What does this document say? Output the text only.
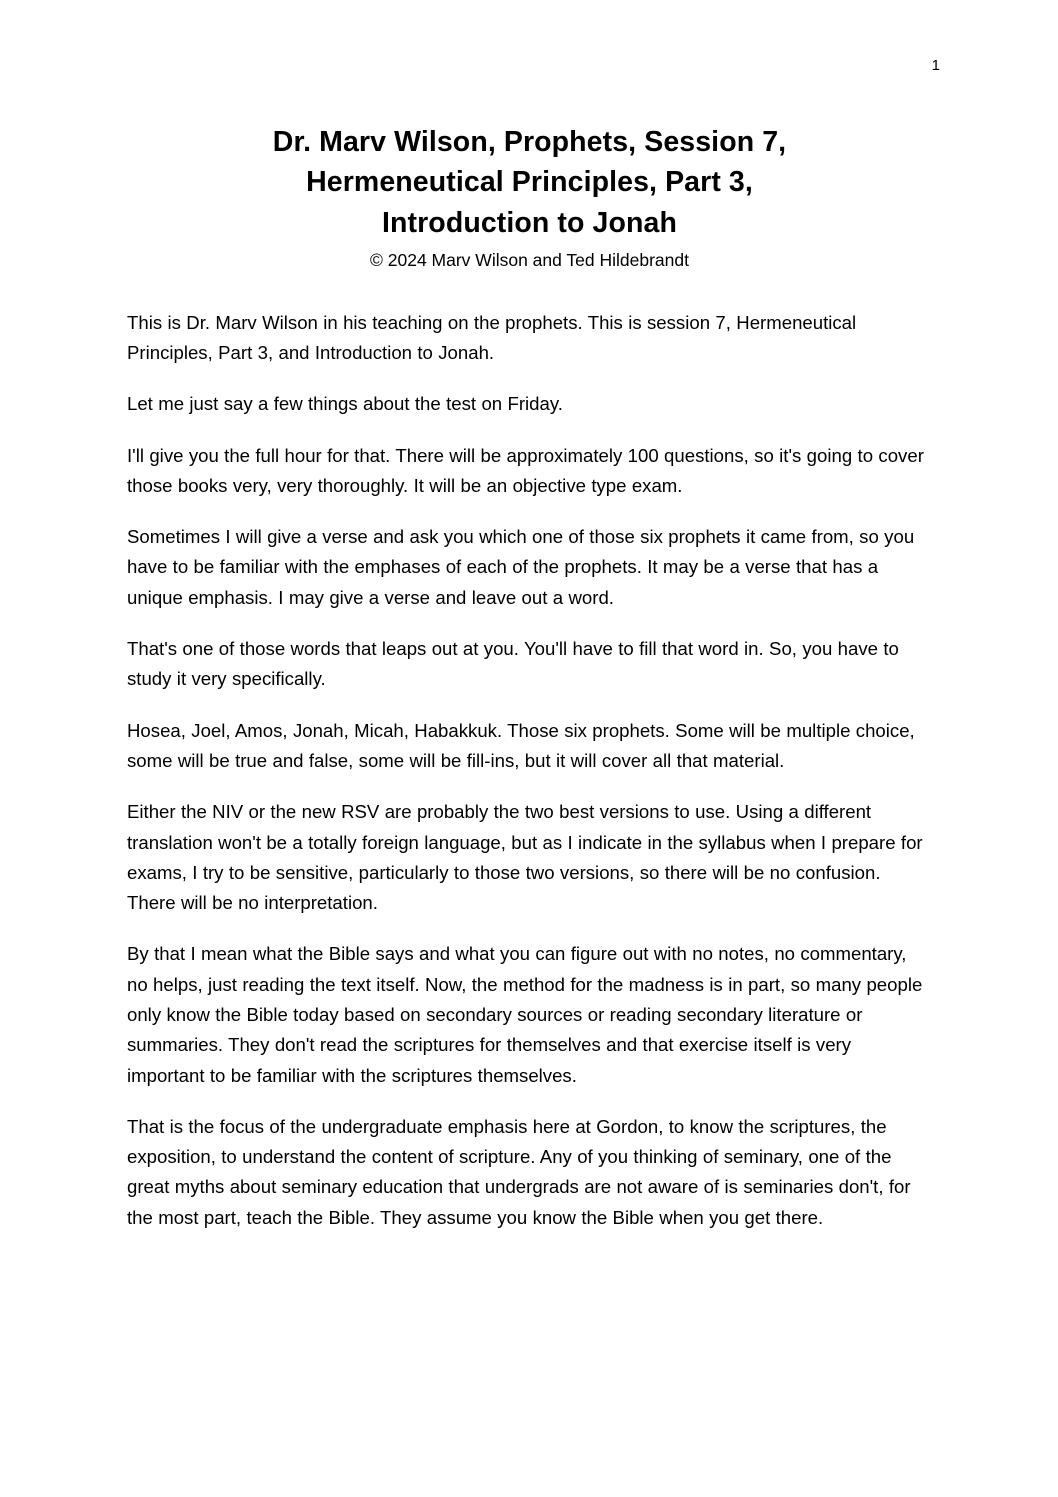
1
Dr. Marv Wilson, Prophets, Session 7,
Hermeneutical Principles, Part 3,
Introduction to Jonah

© 2024 Marv Wilson and Ted Hildebrandt

This is Dr. Marv Wilson in his teaching on the prophets. This is session 7, Hermeneutical Principles, Part 3, and Introduction to Jonah.

Let me just say a few things about the test on Friday.

I'll give you the full hour for that. There will be approximately 100 questions, so it's going to cover those books very, very thoroughly. It will be an objective type exam.

Sometimes I will give a verse and ask you which one of those six prophets it came from, so you have to be familiar with the emphases of each of the prophets. It may be a verse that has a unique emphasis. I may give a verse and leave out a word.

That's one of those words that leaps out at you. You'll have to fill that word in. So, you have to study it very specifically.

Hosea, Joel, Amos, Jonah, Micah, Habakkuk. Those six prophets. Some will be multiple choice, some will be true and false, some will be fill-ins, but it will cover all that material.

Either the NIV or the new RSV are probably the two best versions to use. Using a different translation won't be a totally foreign language, but as I indicate in the syllabus when I prepare for exams, I try to be sensitive, particularly to those two versions, so there will be no confusion. There will be no interpretation.

By that I mean what the Bible says and what you can figure out with no notes, no commentary, no helps, just reading the text itself. Now, the method for the madness is in part, so many people only know the Bible today based on secondary sources or reading secondary literature or summaries. They don't read the scriptures for themselves and that exercise itself is very important to be familiar with the scriptures themselves.

That is the focus of the undergraduate emphasis here at Gordon, to know the scriptures, the exposition, to understand the content of scripture. Any of you thinking of seminary, one of the great myths about seminary education that undergrads are not aware of is seminaries don't, for the most part, teach the Bible. They assume you know the Bible when you get there.
